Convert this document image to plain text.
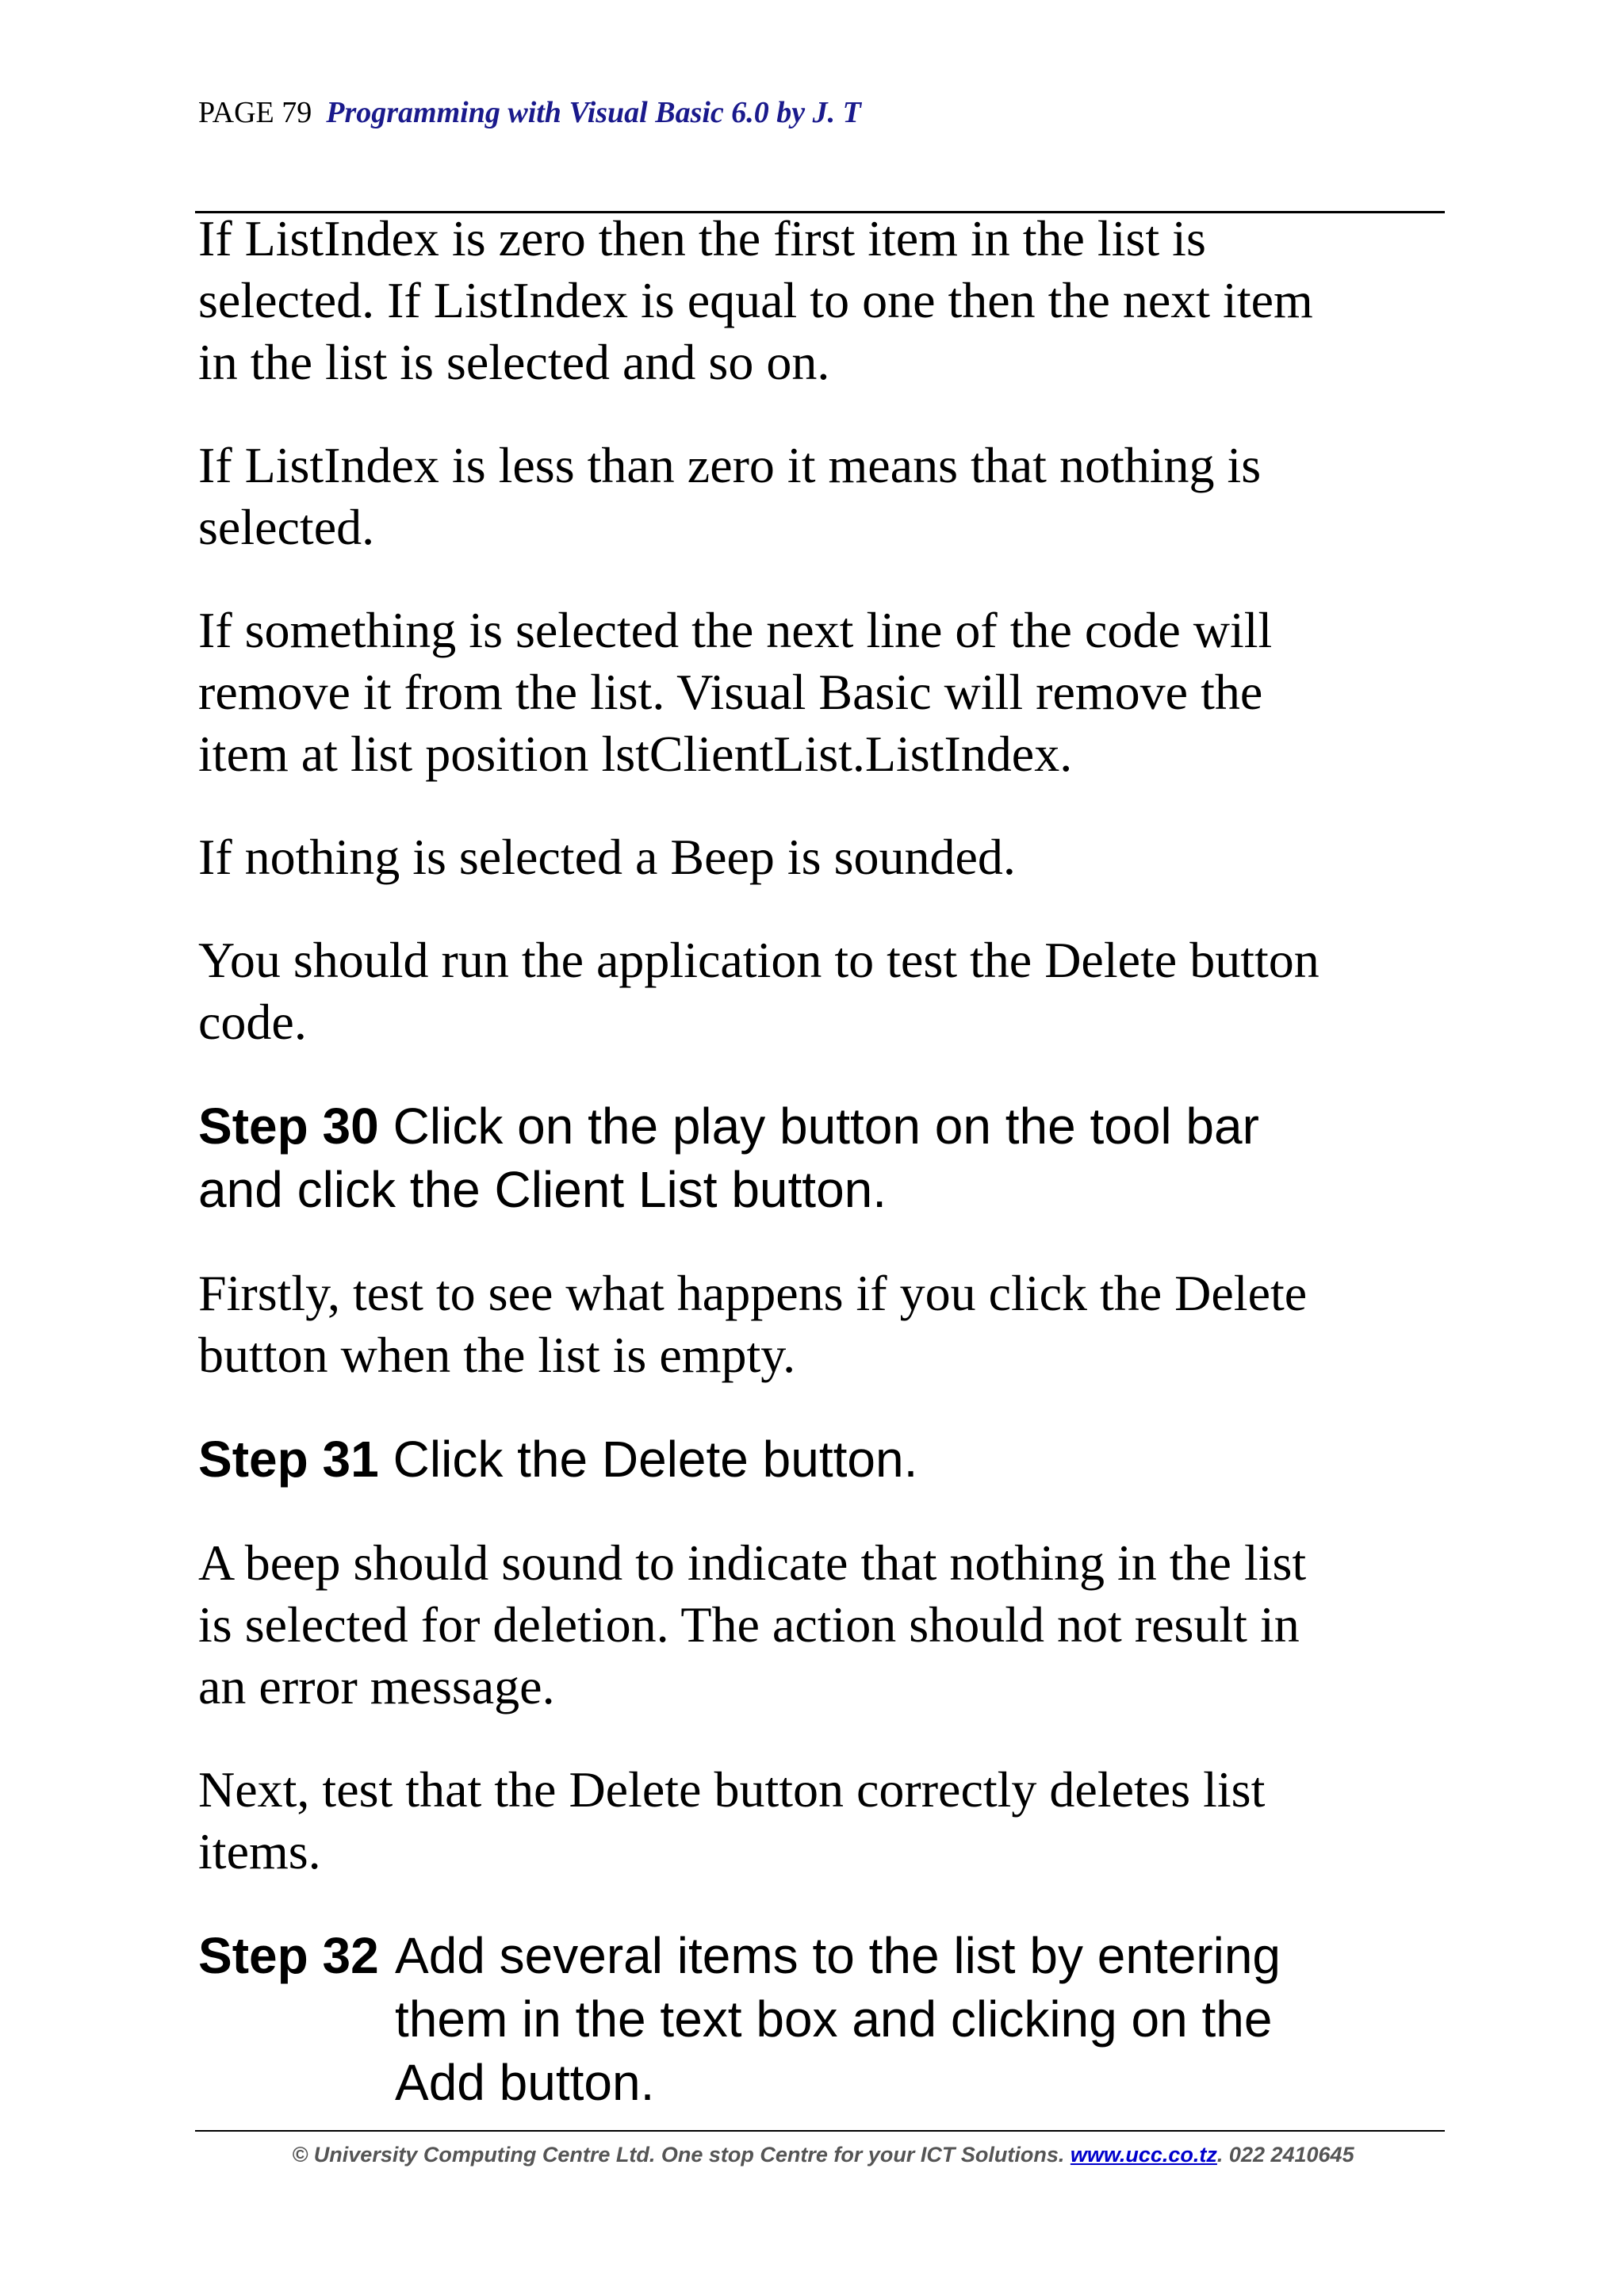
PAGE 79 Programming with Visual Basic 6.0 by J. T

If ListIndex is zero then the first item in the list is
selected. If ListIndex is equal to one then the next item
in the list is selected and so on.

If ListIndex is less than zero it means that nothing is
selected.

If something is selected the next line of the code will
remove it from the list. Visual Basic will remove the
item at list position lstClientList.ListIndex.

If nothing is selected a Beep is sounded.

You should run the application to test the Delete button
code.

Step 30 Click on the play button on the tool bar
and click the Client List button.

Firstly, test to see what happens if you click the Delete
button when the list is empty.

Step 31 Click the Delete button.

A beep should sound to indicate that nothing in the list
is selected for deletion. The action should not result in
an error message.

Next, test that the Delete button correctly deletes list
items.

Step 32 Add several items to the list by entering
them in the text box and clicking on the
Add button.
© University Computing Centre Ltd. One stop Centre for your ICT Solutions. www.ucc.co.tz. 022 2410645
